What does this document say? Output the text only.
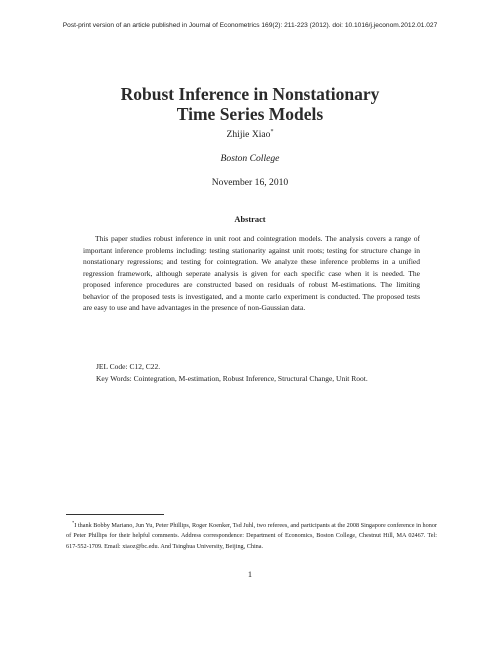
Post-print version of an article published in Journal of Econometrics 169(2): 211-223 (2012). doi: 10.1016/j.jeconom.2012.01.027
Robust Inference in Nonstationary
Time Series Models
Zhijie Xiao*
Boston College
November 16, 2010
Abstract
This paper studies robust inference in unit root and cointegration models. The analysis covers a range of important inference problems including: testing stationarity against unit roots; testing for structure change in nonstationary regressions; and testing for cointegration. We analyze these inference problems in a unified regression framework, although seperate analysis is given for each specific case when it is needed. The proposed inference procedures are constructed based on residuals of robust M-estimations. The limiting behavior of the proposed tests is investigated, and a monte carlo experiment is conducted. The proposed tests are easy to use and have advantages in the presence of non-Gaussian data.
JEL Code: C12, C22.
Key Words: Cointegration, M-estimation, Robust Inference, Structural Change, Unit Root.
*I thank Bobby Mariano, Jun Yu, Peter Phillips, Roger Koenker, Tsd Juhl, two referees, and participants at the 2008 Singapore conference in honor of Peter Phillips for their helpful comments. Address correspondence: Department of Economics, Boston College, Chestnut Hill, MA 02467. Tel: 617-552-1709. Email: xiaoz@bc.edu. And Tsinghua University, Beijing, China.
1
